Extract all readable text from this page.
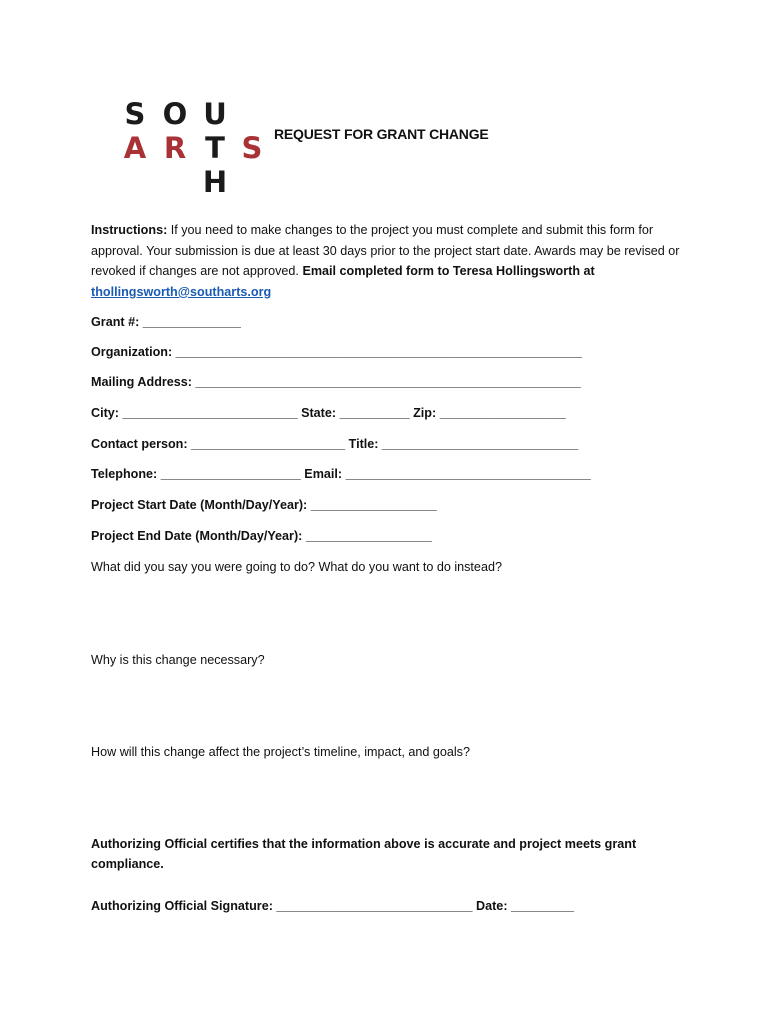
S O U
A R T S
H
REQUEST FOR GRANT CHANGE
Instructions: If you need to make changes to the project you must complete and submit this form for approval. Your submission is due at least 30 days prior to the project start date. Awards may be revised or revoked if changes are not approved. Email completed form to Teresa Hollingsworth at thollingsworth@southarts.org
Grant #: ______________
Organization: __________________________________________________________
Mailing Address: _______________________________________________________
City: _________________________ State: __________ Zip: __________________
Contact person: ______________________ Title: ____________________________
Telephone: ____________________ Email: ___________________________________
Project Start Date (Month/Day/Year): __________________
Project End Date (Month/Day/Year): __________________
What did you say you were going to do? What do you want to do instead?
Why is this change necessary?
How will this change affect the project’s timeline, impact, and goals?
Authorizing Official certifies that the information above is accurate and project meets grant
compliance.
Authorizing Official Signature: ____________________________ Date: _________
